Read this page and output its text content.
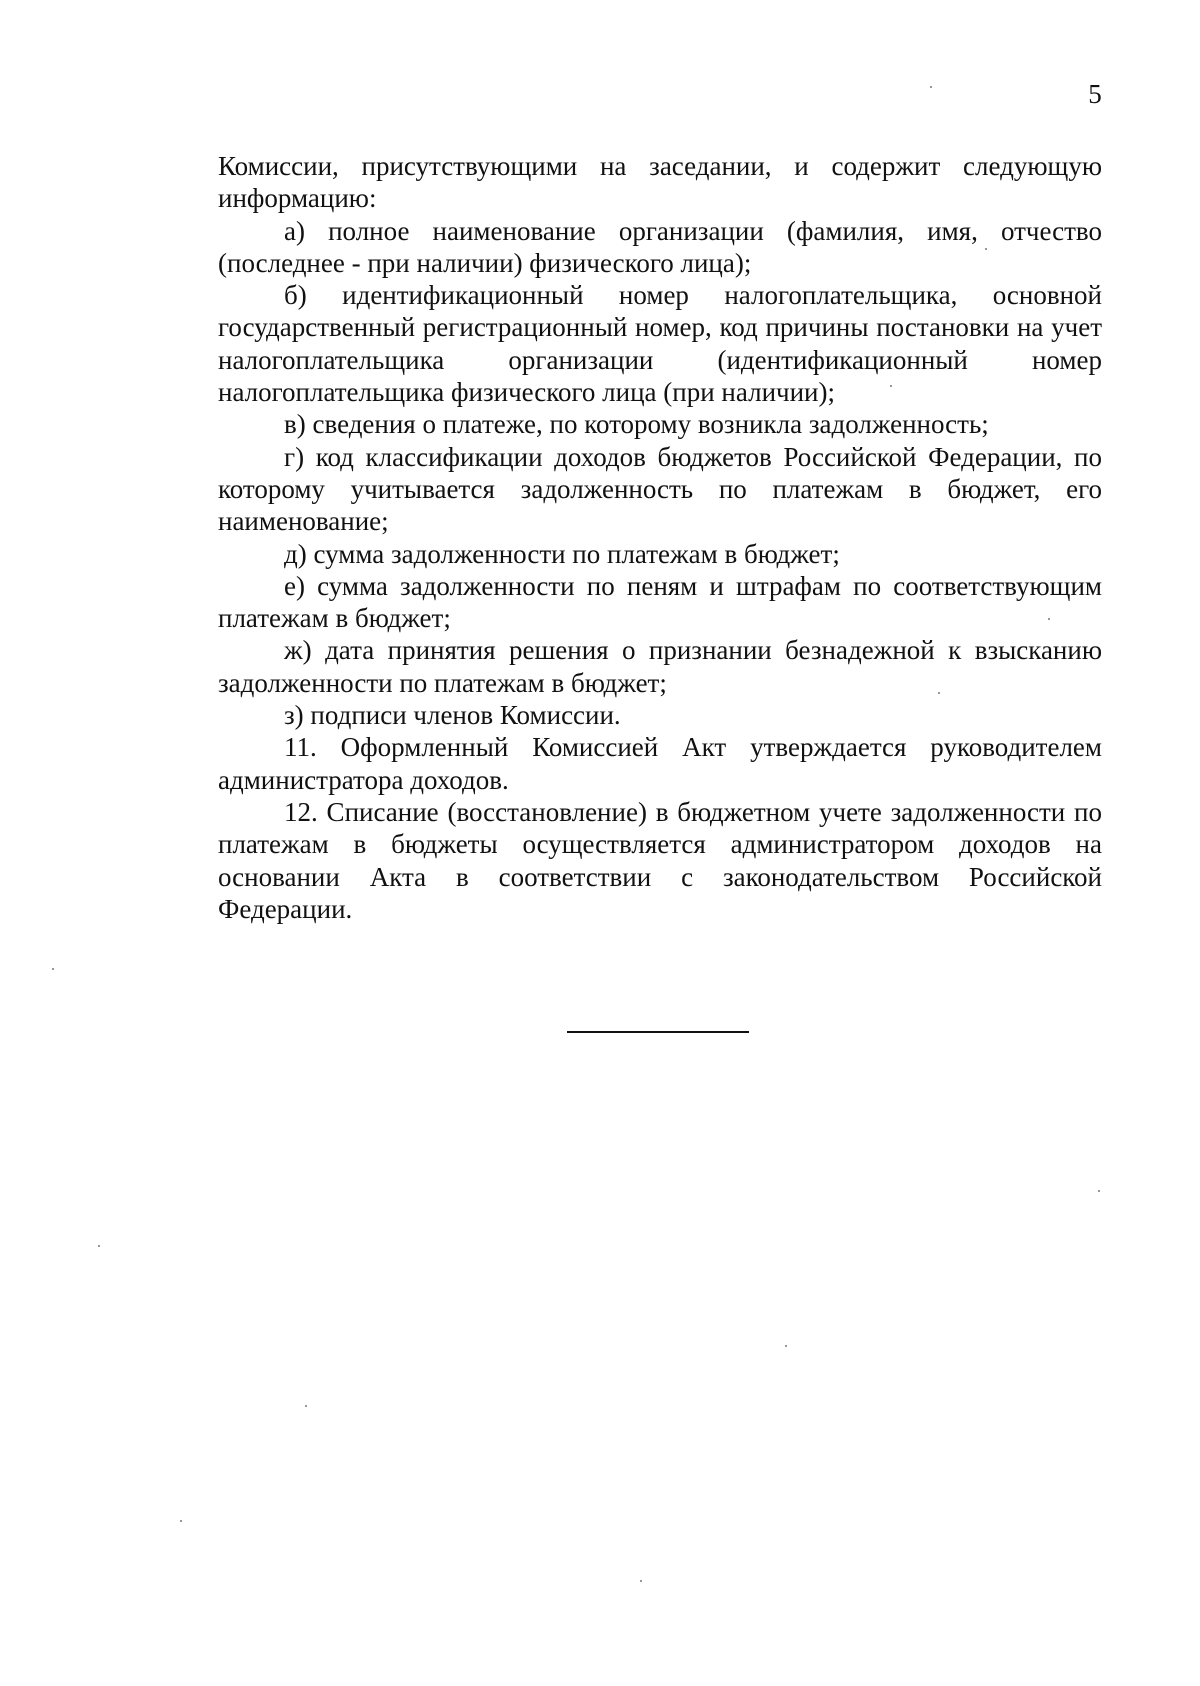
5

Комиссии, присутствующими на заседании, и содержит следующую информацию:

а) полное наименование организации (фамилия, имя, отчество (последнее - при наличии) физического лица);

б) идентификационный номер налогоплательщика, основной государственный регистрационный номер, код причины постановки на учет налогоплательщика организации (идентификационный номер налогоплательщика физического лица (при наличии);

в) сведения о платеже, по которому возникла задолженность;

г) код классификации доходов бюджетов Российской Федерации, по которому учитывается задолженность по платежам в бюджет, его наименование;

д) сумма задолженности по платежам в бюджет;

е) сумма задолженности по пеням и штрафам по соответствующим платежам в бюджет;

ж) дата принятия решения о признании безнадежной к взысканию задолженности по платежам в бюджет;

з) подписи членов Комиссии.

11. Оформленный Комиссией Акт утверждается руководителем администратора доходов.

12. Списание (восстановление) в бюджетном учете задолженности по платежам в бюджеты осуществляется администратором доходов на основании Акта в соответствии с законодательством Российской Федерации.
